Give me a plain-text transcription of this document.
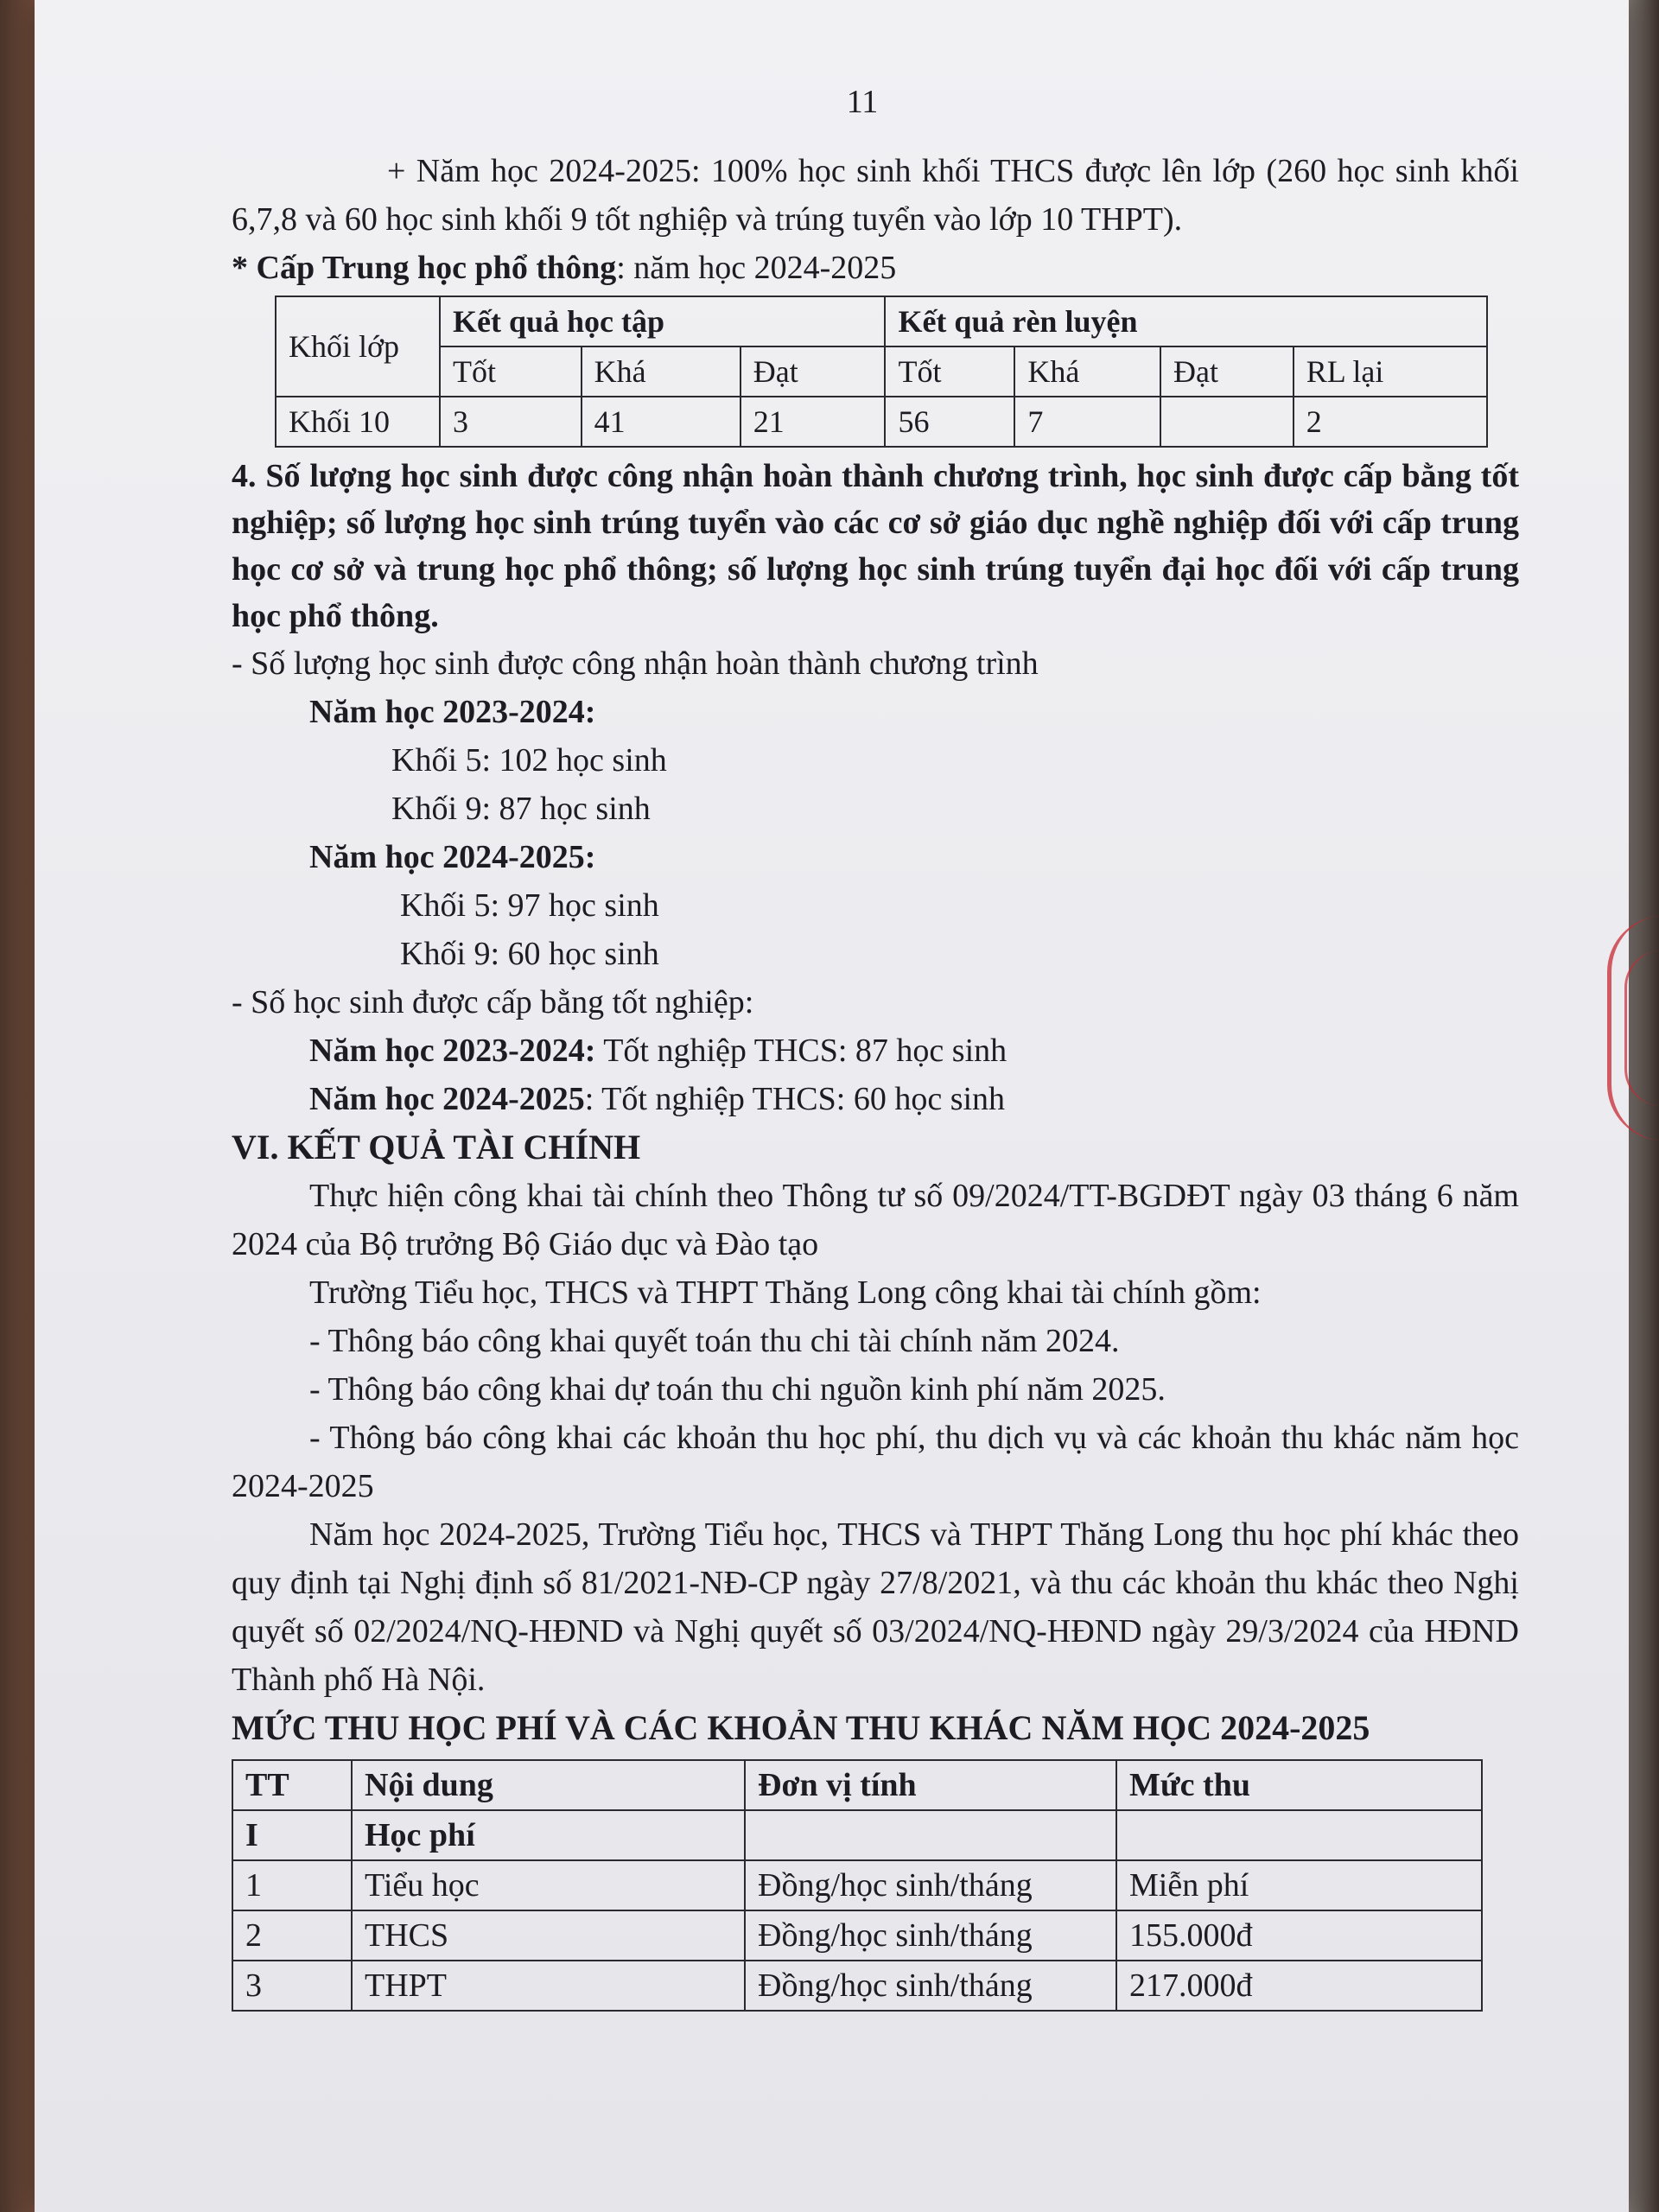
11

+ Năm học 2024-2025: 100% học sinh khối THCS được lên lớp (260 học sinh khối 6,7,8 và 60 học sinh khối 9 tốt nghiệp và trúng tuyển vào lớp 10 THPT).

* Cấp Trung học phổ thông: năm học 2024-2025

Khối lớp	Kết quả học tập			Kết quả rèn luyện			
	Tốt	Khá	Đạt	Tốt	Khá	Đạt	RL lại
Khối 10	3	41	21	56	7		2

4. Số lượng học sinh được công nhận hoàn thành chương trình, học sinh được cấp bằng tốt nghiệp; số lượng học sinh trúng tuyển vào các cơ sở giáo dục nghề nghiệp đối với cấp trung học cơ sở và trung học phổ thông; số lượng học sinh trúng tuyển đại học đối với cấp trung học phổ thông.

- Số lượng học sinh được công nhận hoàn thành chương trình

Năm học 2023-2024:

Khối 5: 102 học sinh

Khối 9: 87 học sinh

Năm học 2024-2025:

Khối 5: 97 học sinh

Khối 9: 60 học sinh

- Số học sinh được cấp bằng tốt nghiệp:

Năm học 2023-2024: Tốt nghiệp THCS: 87 học sinh

Năm học 2024-2025: Tốt nghiệp THCS: 60 học sinh

VI. KẾT QUẢ TÀI CHÍNH

Thực hiện công khai tài chính theo Thông tư số 09/2024/TT-BGDĐT ngày 03 tháng 6 năm 2024 của Bộ trưởng Bộ Giáo dục và Đào tạo

Trường Tiểu học, THCS và THPT Thăng Long công khai tài chính gồm:

- Thông báo công khai quyết toán thu chi tài chính năm 2024.

- Thông báo công khai dự toán thu chi nguồn kinh phí năm 2025.

- Thông báo công khai các khoản thu học phí, thu dịch vụ và các khoản thu khác năm học 2024-2025

Năm học 2024-2025, Trường Tiểu học, THCS và THPT Thăng Long thu học phí khác theo quy định tại Nghị định số 81/2021-NĐ-CP ngày 27/8/2021, và thu các khoản thu khác theo Nghị quyết số 02/2024/NQ-HĐND và Nghị quyết số 03/2024/NQ-HĐND ngày 29/3/2024 của HĐND Thành phố Hà Nội.

MỨC THU HỌC PHÍ VÀ CÁC KHOẢN THU KHÁC NĂM HỌC 2024-2025

TT	Nội dung	Đơn vị tính	Mức thu
I	Học phí		
1	Tiểu học	Đồng/học sinh/tháng	Miễn phí
2	THCS	Đồng/học sinh/tháng	155.000đ
3	THPT	Đồng/học sinh/tháng	217.000đ
